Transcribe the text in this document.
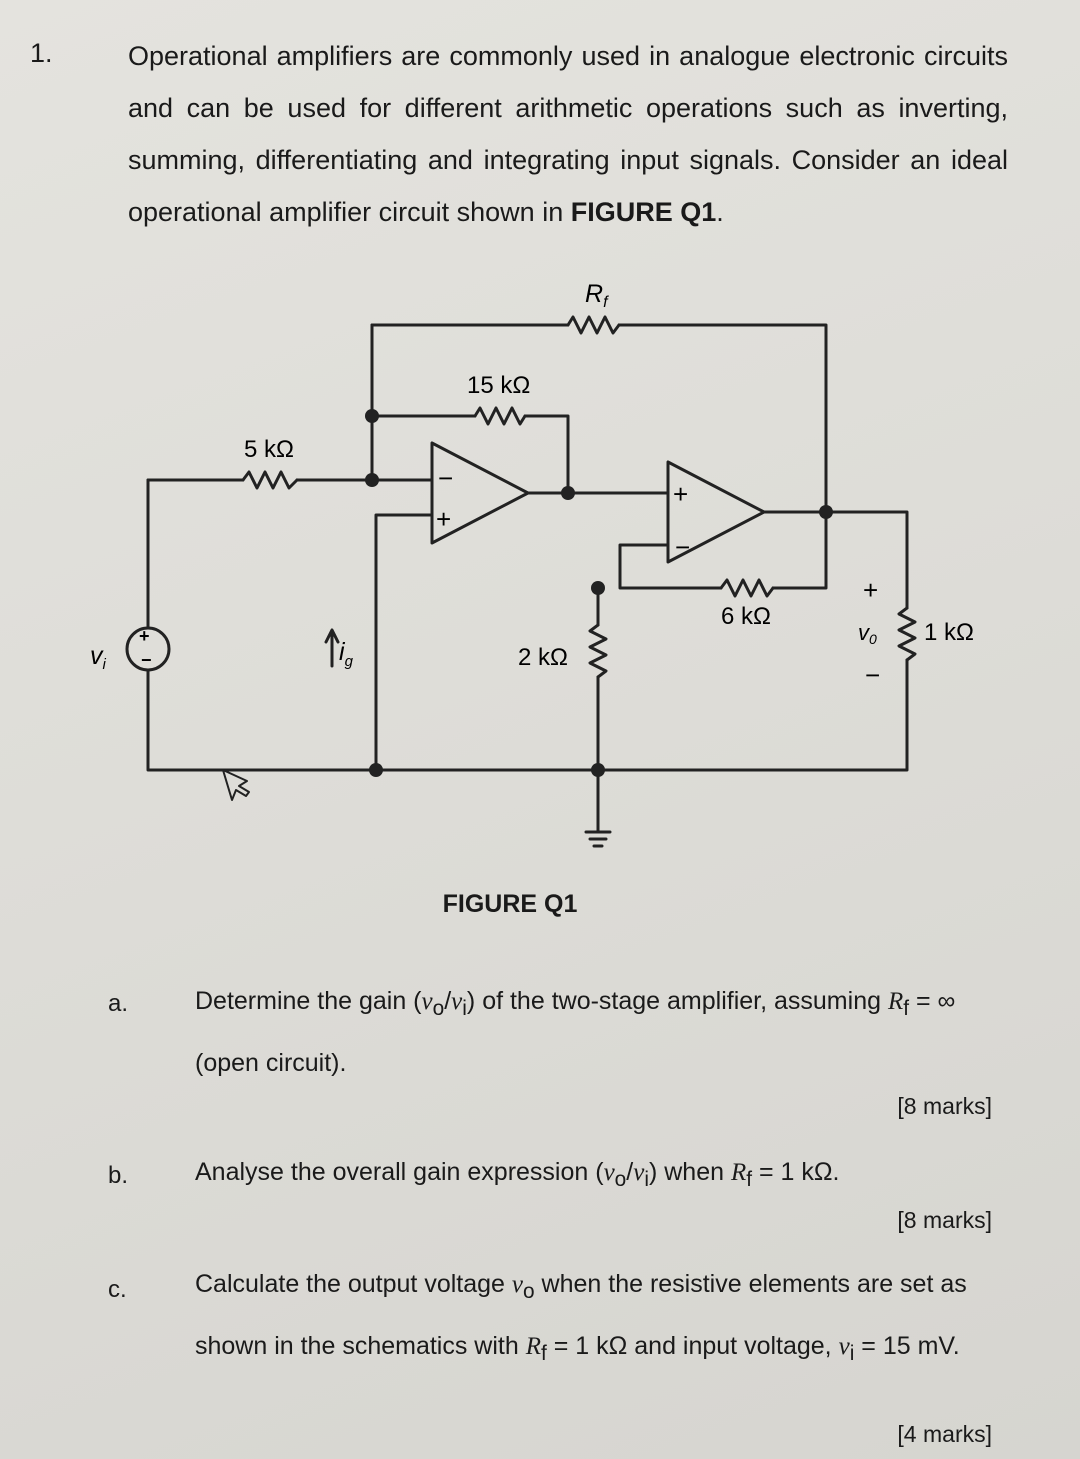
1.	Operational amplifiers are commonly used in analogue electronic circuits and can be used for different arithmetic operations such as inverting, summing, differentiating and integrating input signals. Consider an ideal operational amplifier circuit shown in FIGURE Q1.
−
+
+
−
+
−
$R_f$
15 kΩ
5 kΩ
2 kΩ
6 kΩ
1 kΩ
$v_i$	$i_g$
v0
+
−
FIGURE Q1
a.	Determine the gain $(v_o/v_i)$ of the two-stage amplifier, assuming $R_f$ = ∞ (open circuit).
[8 marks]
b.	Analyse the overall gain expression $(v_o/v_i)$ when $R_f = 1$ kΩ.
[8 marks]
c.	Calculate the output voltage $v_o$ when the resistive elements are set as shown in the schematics with $R_f = 1$ kΩ and input voltage, $v_i = 15$ mV.
[4 marks]
